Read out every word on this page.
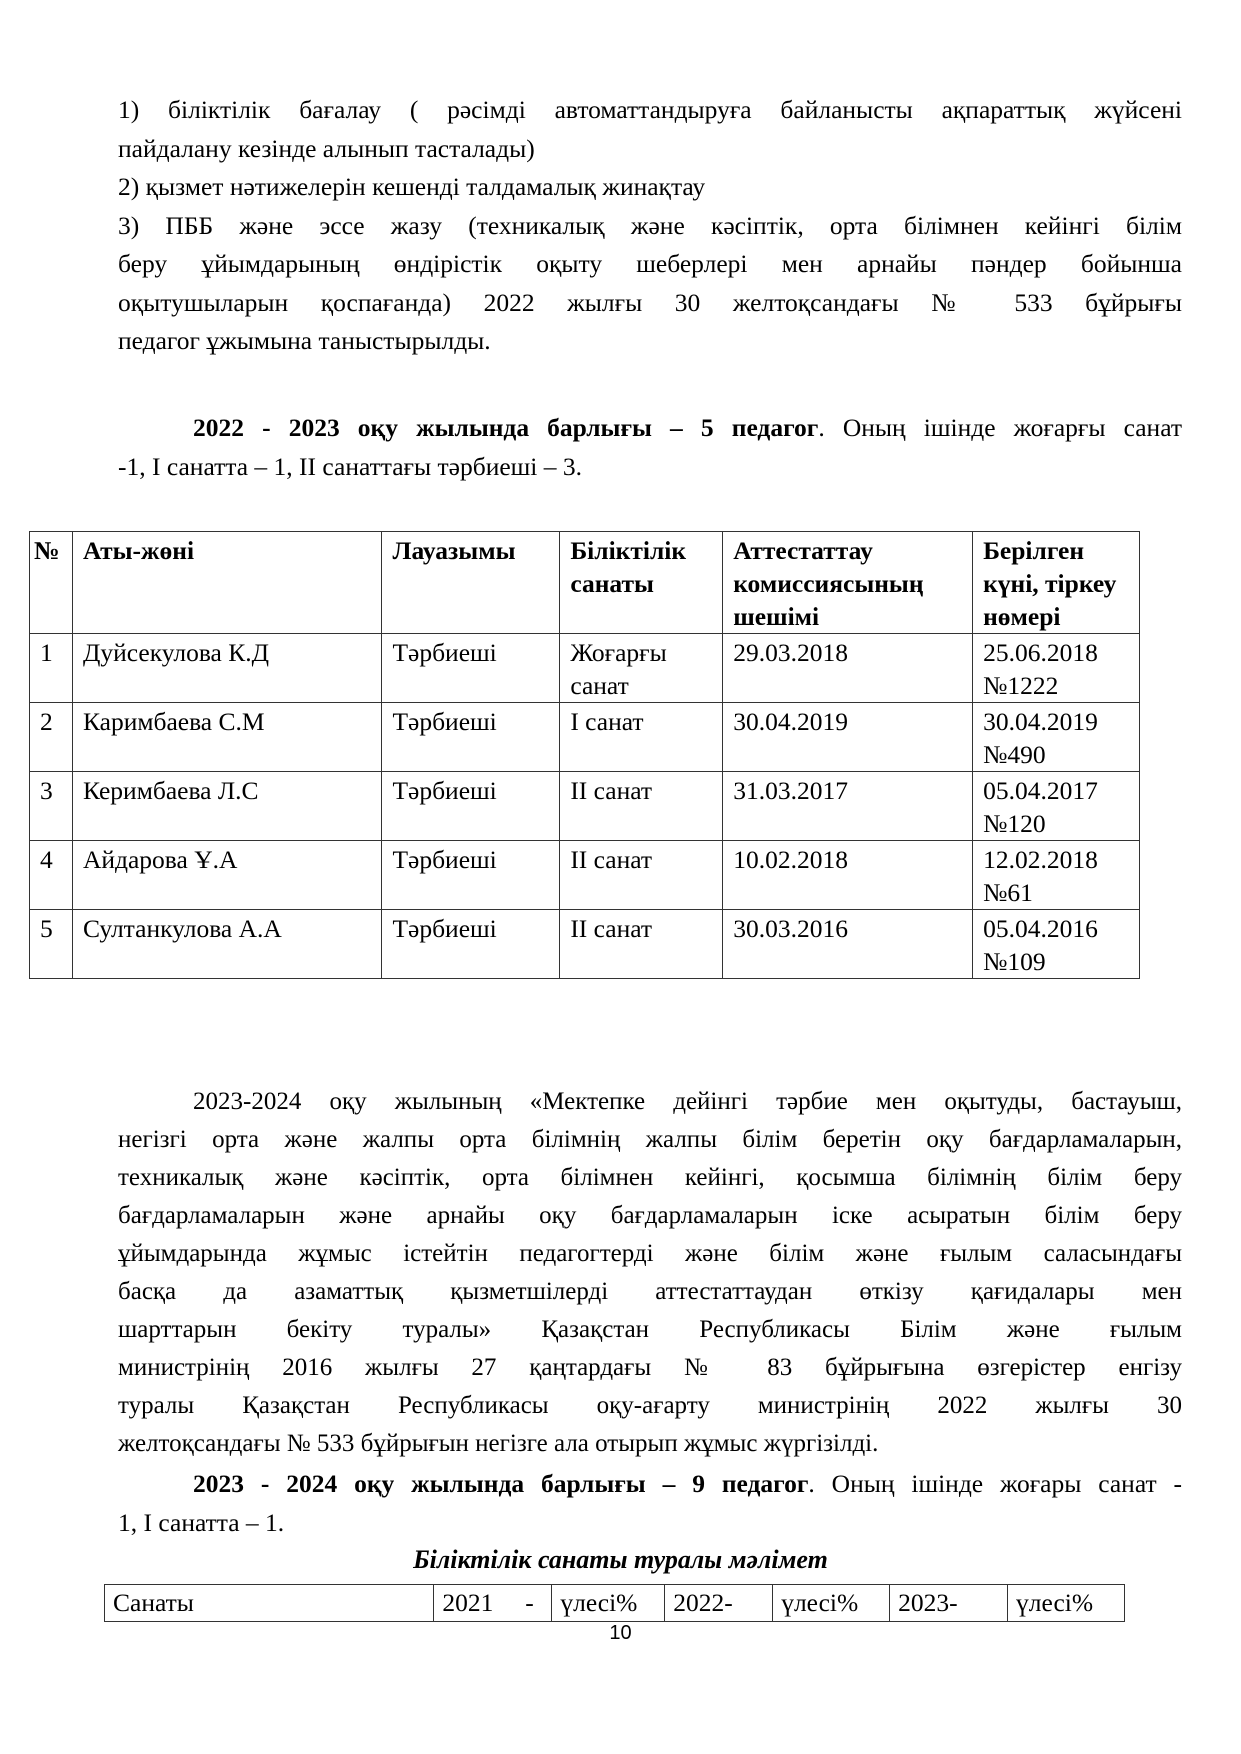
1) біліктілік бағалау ( рәсімді автоматтандыруға байланысты ақпараттық жүйсені
пайдалану кезінде алынып тасталады)
2) қызмет нәтижелерін кешенді талдамалық жинақтау
3) ПББ және эссе жазу (техникалық және кәсіптік, орта білімнен кейінгі білім
беру ұйымдарының өндірістік оқыту шеберлері мен арнайы пәндер бойынша
оқытушыларын қоспағанда) 2022 жылғы 30 желтоқсандағы № 533 бұйрығы
педагог ұжымына таныстырылды.
2022 - 2023 оқу жылында барлығы – 5 педагог. Оның ішінде жоғарғы санат
-1, I санатта – 1, II санаттағы тәрбиеші – 3.
№	Аты-жөні	Лауазымы	Біліктілік санаты	Аттестаттау комиссиясының шешімі	Берілген күні, тіркеу нөмері
1	Дуйсекулова К.Д	Тәрбиеші	Жоғарғы санат	29.03.2018	25.06.2018 №1222
2	Каримбаева С.М	Тәрбиеші	I санат	30.04.2019	30.04.2019 №490
3	Керимбаева Л.С	Тәрбиеші	II санат	31.03.2017	05.04.2017 №120
4	Айдарова Ұ.А	Тәрбиеші	II санат	10.02.2018	12.02.2018 №61
5	Султанкулова А.А	Тәрбиеші	II санат	30.03.2016	05.04.2016 №109
2023-2024 оқу жылының «Мектепке дейінгі тәрбие мен оқытуды, бастауыш,
негізгі орта және жалпы орта білімнің жалпы білім беретін оқу бағдарламаларын,
техникалық және кәсіптік, орта білімнен кейінгі, қосымша білімнің білім беру
бағдарламаларын және арнайы оқу бағдарламаларын іске асыратын білім беру
ұйымдарында жұмыс істейтін педагогтерді және білім және ғылым саласындағы
басқа да азаматтық қызметшілерді аттестаттаудан өткізу қағидалары мен
шарттарын бекіту туралы» Қазақстан Республикасы Білім және ғылым
министрінің 2016 жылғы 27 қаңтардағы № 83 бұйрығына өзгерістер енгізу
туралы Қазақстан Республикасы оқу-ағарту министрінің 2022 жылғы 30
желтоқсандағы № 533 бұйрығын негізге ала отырып жұмыс жүргізілді.
2023 - 2024 оқу жылында барлығы – 9 педагог. Оның ішінде жоғары санат -
1, I санатта – 1.
Біліктілік санаты туралы мәлімет
Санаты	2021     -	үлесі%	2022-	үлесі%	2023-	үлесі%
10
